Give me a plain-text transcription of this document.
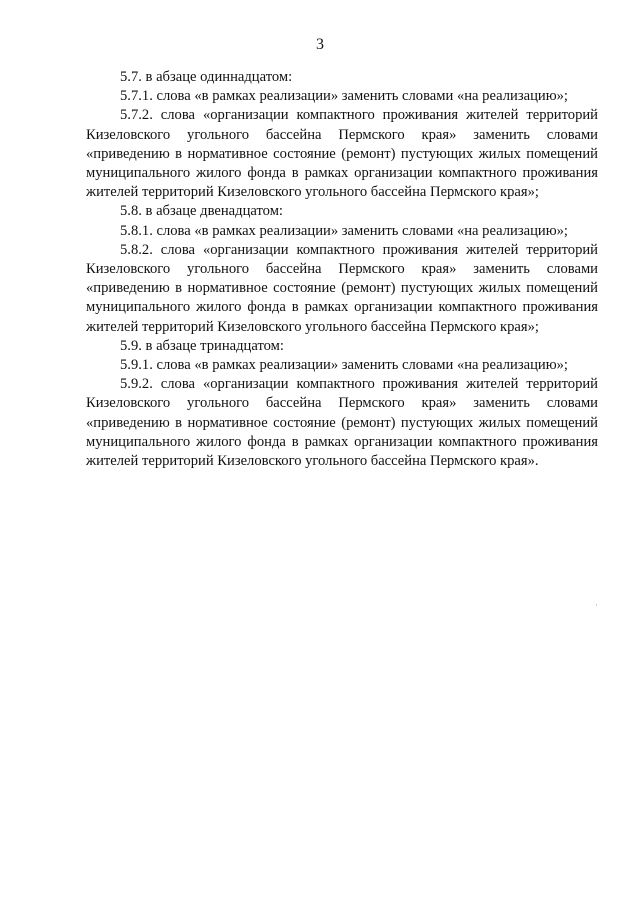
3

5.7. в абзаце одиннадцатом:

5.7.1. слова «в рамках реализации» заменить словами «на реализацию»;

5.7.2. слова «организации компактного проживания жителей территорий Кизеловского угольного бассейна Пермского края» заменить словами «приведению в нормативное состояние (ремонт) пустующих жилых помещений муниципального жилого фонда в рамках организации компактного проживания жителей территорий Кизеловского угольного бассейна Пермского края»;

5.8. в абзаце двенадцатом:

5.8.1. слова «в рамках реализации» заменить словами «на реализацию»;

5.8.2. слова «организации компактного проживания жителей территорий Кизеловского угольного бассейна Пермского края» заменить словами «приведению в нормативное состояние (ремонт) пустующих жилых помещений муниципального жилого фонда в рамках организации компактного проживания жителей территорий Кизеловского угольного бассейна Пермского края»;

5.9. в абзаце тринадцатом:

5.9.1. слова «в рамках реализации» заменить словами «на реализацию»;

5.9.2. слова «организации компактного проживания жителей территорий Кизеловского угольного бассейна Пермского края» заменить словами «приведению в нормативное состояние (ремонт) пустующих жилых помещений муниципального жилого фонда в рамках организации компактного проживания жителей территорий Кизеловского угольного бассейна Пермского края».
